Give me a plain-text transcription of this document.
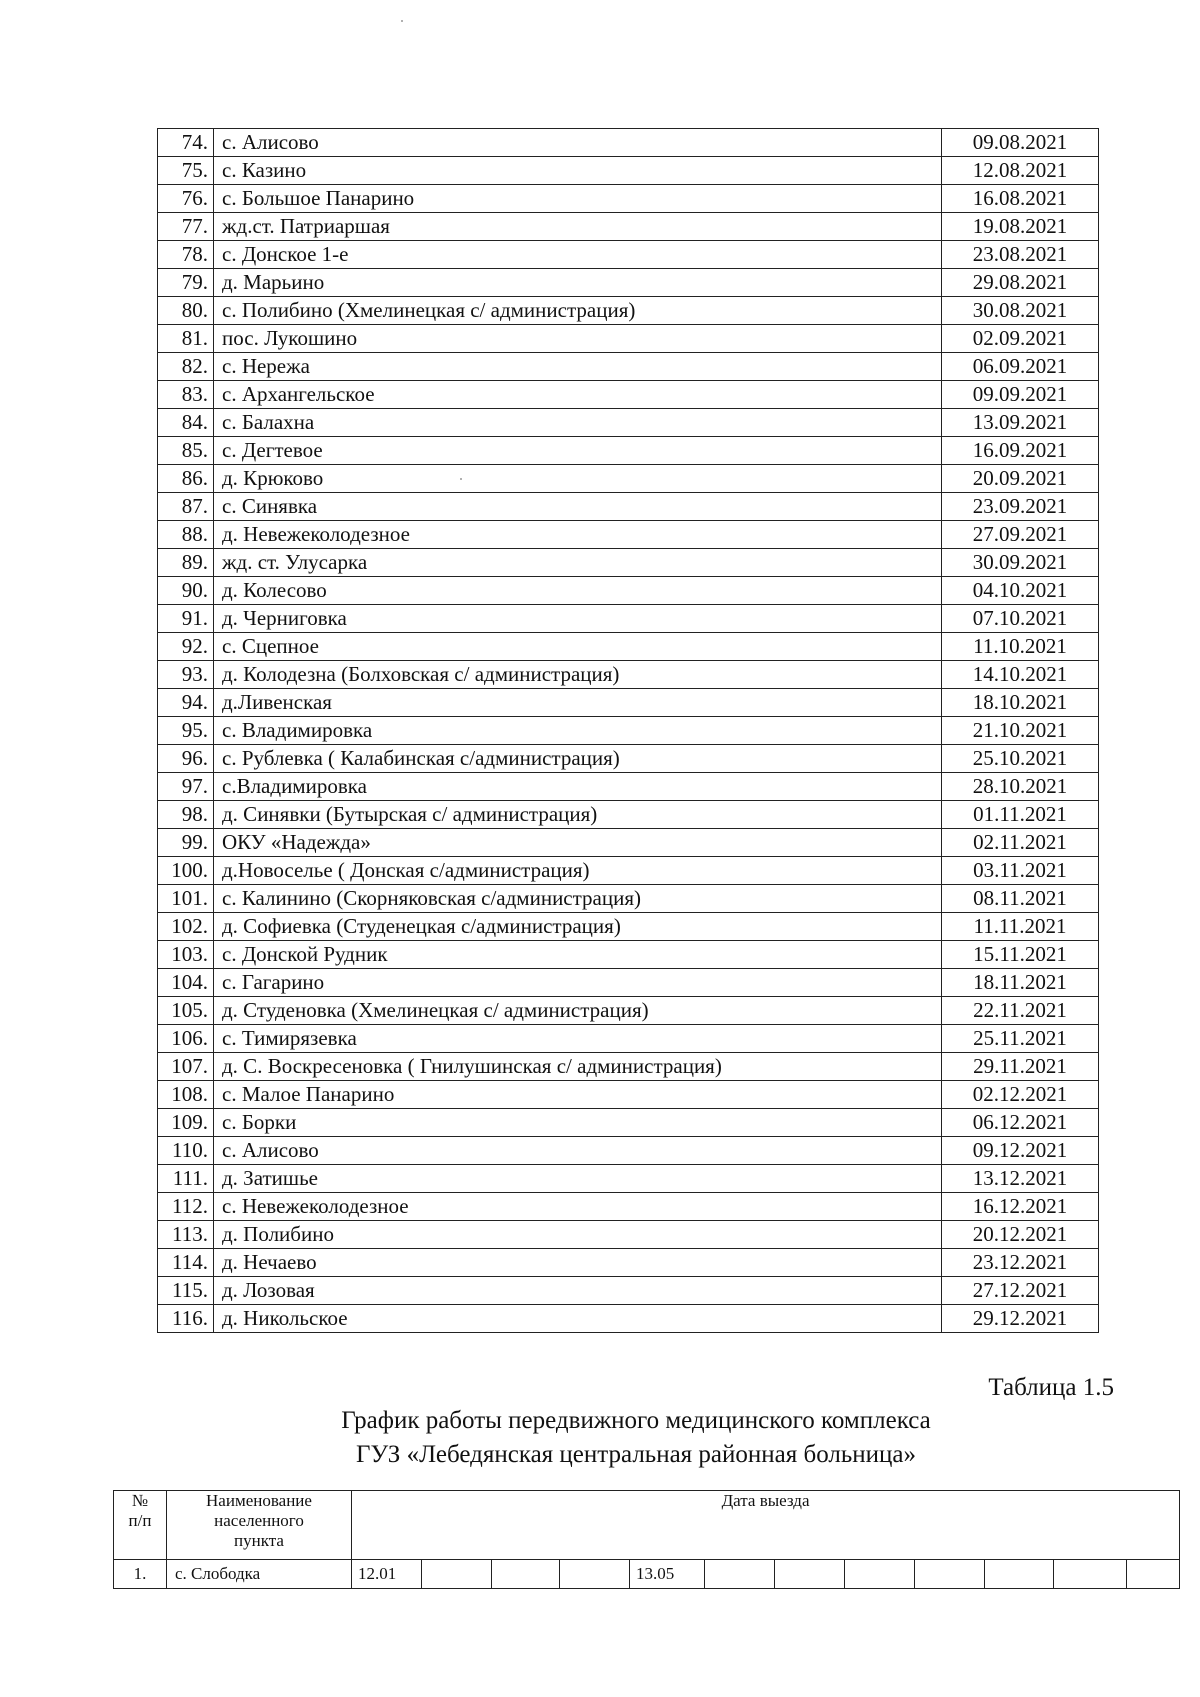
74.	с. Алисово	09.08.2021
75.	с. Казино	12.08.2021
76.	с. Большое Панарино	16.08.2021
77.	жд.ст. Патриаршая	19.08.2021
78.	с. Донское 1-е	23.08.2021
79.	д. Марьино	29.08.2021
80.	с. Полибино (Хмелинецкая с/ администрация)	30.08.2021
81.	пос. Лукошино	02.09.2021
82.	с. Нережа	06.09.2021
83.	с. Архангельское	09.09.2021
84.	с. Балахна	13.09.2021
85.	с. Дегтевое	16.09.2021
86.	д. Крюково	20.09.2021
87.	с. Синявка	23.09.2021
88.	д. Невежеколодезное	27.09.2021
89.	жд. ст. Улусарка	30.09.2021
90.	д. Колесово	04.10.2021
91.	д. Черниговка	07.10.2021
92.	с. Сцепное	11.10.2021
93.	д. Колодезна (Болховская с/ администрация)	14.10.2021
94.	д.Ливенская	18.10.2021
95.	с. Владимировка	21.10.2021
96.	с. Рублевка ( Калабинская с/администрация)	25.10.2021
97.	с.Владимировка	28.10.2021
98.	д. Синявки (Бутырская с/ администрация)	01.11.2021
99.	ОКУ «Надежда»	02.11.2021
100.	д.Новоселье ( Донская с/администрация)	03.11.2021
101.	с. Калинино (Скорняковская с/администрация)	08.11.2021
102.	д. Софиевка (Студенецкая с/администрация)	11.11.2021
103.	с. Донской Рудник	15.11.2021
104.	с. Гагарино	18.11.2021
105.	д. Студеновка (Хмелинецкая с/ администрация)	22.11.2021
106.	с. Тимирязевка	25.11.2021
107.	д. С. Воскресеновка ( Гнилушинская с/ администрация)	29.11.2021
108.	с. Малое Панарино	02.12.2021
109.	с. Борки	06.12.2021
110.	с. Алисово	09.12.2021
111.	д. Затишье	13.12.2021
112.	с. Невежеколодезное	16.12.2021
113.	д. Полибино	20.12.2021
114.	д. Нечаево	23.12.2021
115.	д. Лозовая	27.12.2021
116.	д. Никольское	29.12.2021
Таблица 1.5
График работы передвижного медицинского комплекса
ГУЗ «Лебедянская центральная районная больница»
№
п/п	Наименование
населенного
пункта	Дата выезда											
1.	с. Слободка	12.01				13.05							
